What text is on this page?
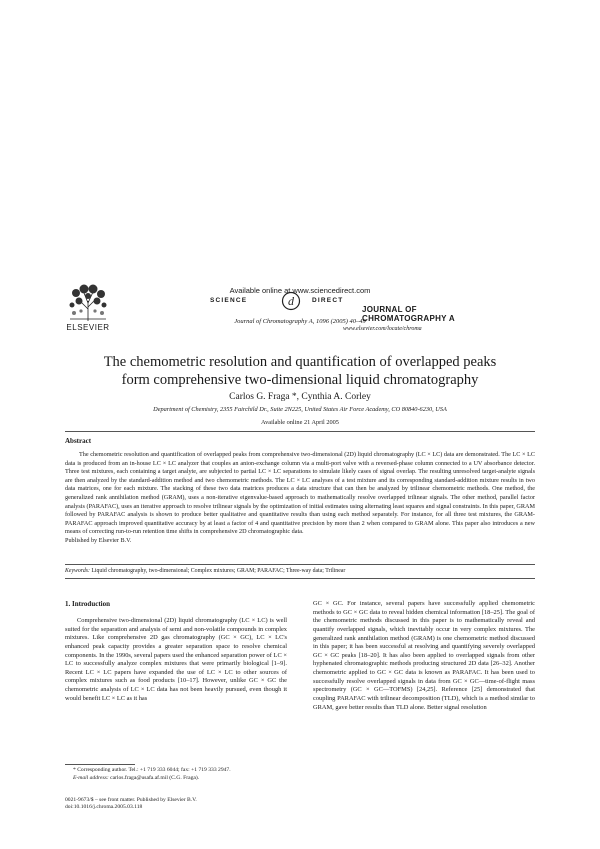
ELSEVIER
Available online at www.sciencedirect.com
SCIENCE	d	DIRECT
Journal of Chromatography A, 1096 (2005) 40–49
JOURNAL OF
CHROMATOGRAPHY A
www.elsevier.com/locate/chroma
The chemometric resolution and quantification of overlapped peaks
form comprehensive two-dimensional liquid chromatography
Carlos G. Fraga *, Cynthia A. Corley
Department of Chemistry, 2355 Fairchild Dr., Suite 2N225, United States Air Force Academy, CO 80840-6230, USA
Available online 21 April 2005
Abstract
The chemometric resolution and quantification of overlapped peaks from comprehensive two-dimensional (2D) liquid chromatography (LC × LC) data are demonstrated. The LC × LC data is produced from an in-house LC × LC analyzer that couples an anion-exchange column via a multi-port valve with a reversed-phase column connected to a UV absorbance detector. Three test mixtures, each containing a target analyte, are subjected to partial LC × LC separations to simulate likely cases of signal overlap. The resulting unresolved target-analyte signals are then analyzed by the standard-addition method and two chemometric methods. The LC × LC analyses of a test mixture and its corresponding standard-addition mixture results in two data matrices, one for each mixture. The stacking of these two data matrices produces a data structure that can then be analyzed by trilinear chemometric methods. One method, the generalized rank annihilation method (GRAM), uses a non-iterative eigenvalue-based approach to mathematically resolve overlapped trilinear signals. The other method, parallel factor analysis (PARAFAC), uses an iterative approach to resolve trilinear signals by the optimization of initial estimates using alternating least squares and signal constraints. In this paper, GRAM followed by PARAFAC analysis is shown to produce better qualitative and quantitative results than using each method separately. For instance, for all three test mixtures, the GRAM-PARAFAC approach improved quantitative accuracy by at least a factor of 4 and quantitative precision by more than 2 when compared to GRAM alone. This paper also introduces a new means of correcting run-to-run retention time shifts in comprehensive 2D chromatographic data.
Published by Elsevier B.V.
Keywords: Liquid chromatography, two-dimensional; Complex mixtures; GRAM; PARAFAC; Three-way data; Trilinear
1. Introduction
Comprehensive two-dimensional (2D) liquid chromatography (LC × LC) is well suited for the separation and analysis of semi and non-volatile compounds in complex mixtures. Like comprehensive 2D gas chromatography (GC × GC), LC × LC's enhanced peak capacity provides a greater separation space to resolve chemical components. In the 1990s, several papers used the enhanced separation power of LC × LC to successfully analyze complex mixtures that were primarily biological [1–9]. Recent LC × LC papers have expanded the use of LC × LC to other sources of complex mixtures such as food products [10–17]. However, unlike GC × GC the chemometric analysis of LC × LC data has not been heavily pursued, even though it would benefit LC × LC as it has
GC × GC. For instance, several papers have successfully applied chemometric methods to GC × GC data to reveal hidden chemical information [18–25]. The goal of the chemometric methods discussed in this paper is to mathematically reveal and quantify overlapped signals, which inevitably occur in very complex mixtures. The generalized rank annihilation method (GRAM) is one chemometric method discussed in this paper; it has been successful at resolving and quantifying severely overlapped GC × GC peaks [18–20]. It has also been applied to overlapped signals from other hyphenated chromatographic methods producing structured 2D data [26–32]. Another chemometric applied to GC × GC data is known as PARAFAC. It has been used to successfully resolve overlapped signals in data from GC × GC—time-of-flight mass spectrometry (GC × GC—TOFMS) [24,25]. Reference [25] demonstrated that coupling PARAFAC with trilinear decomposition (TLD), which is a method similar to GRAM, gave better results than TLD alone. Better signal resolution
* Corresponding author. Tel.: +1 719 333 6044; fax: +1 719 333 2947.
E-mail address: carlos.fraga@usafa.af.mil (C.G. Fraga).
0021-9673/$ – see front matter. Published by Elsevier B.V.
doi:10.1016/j.chroma.2005.03.118
